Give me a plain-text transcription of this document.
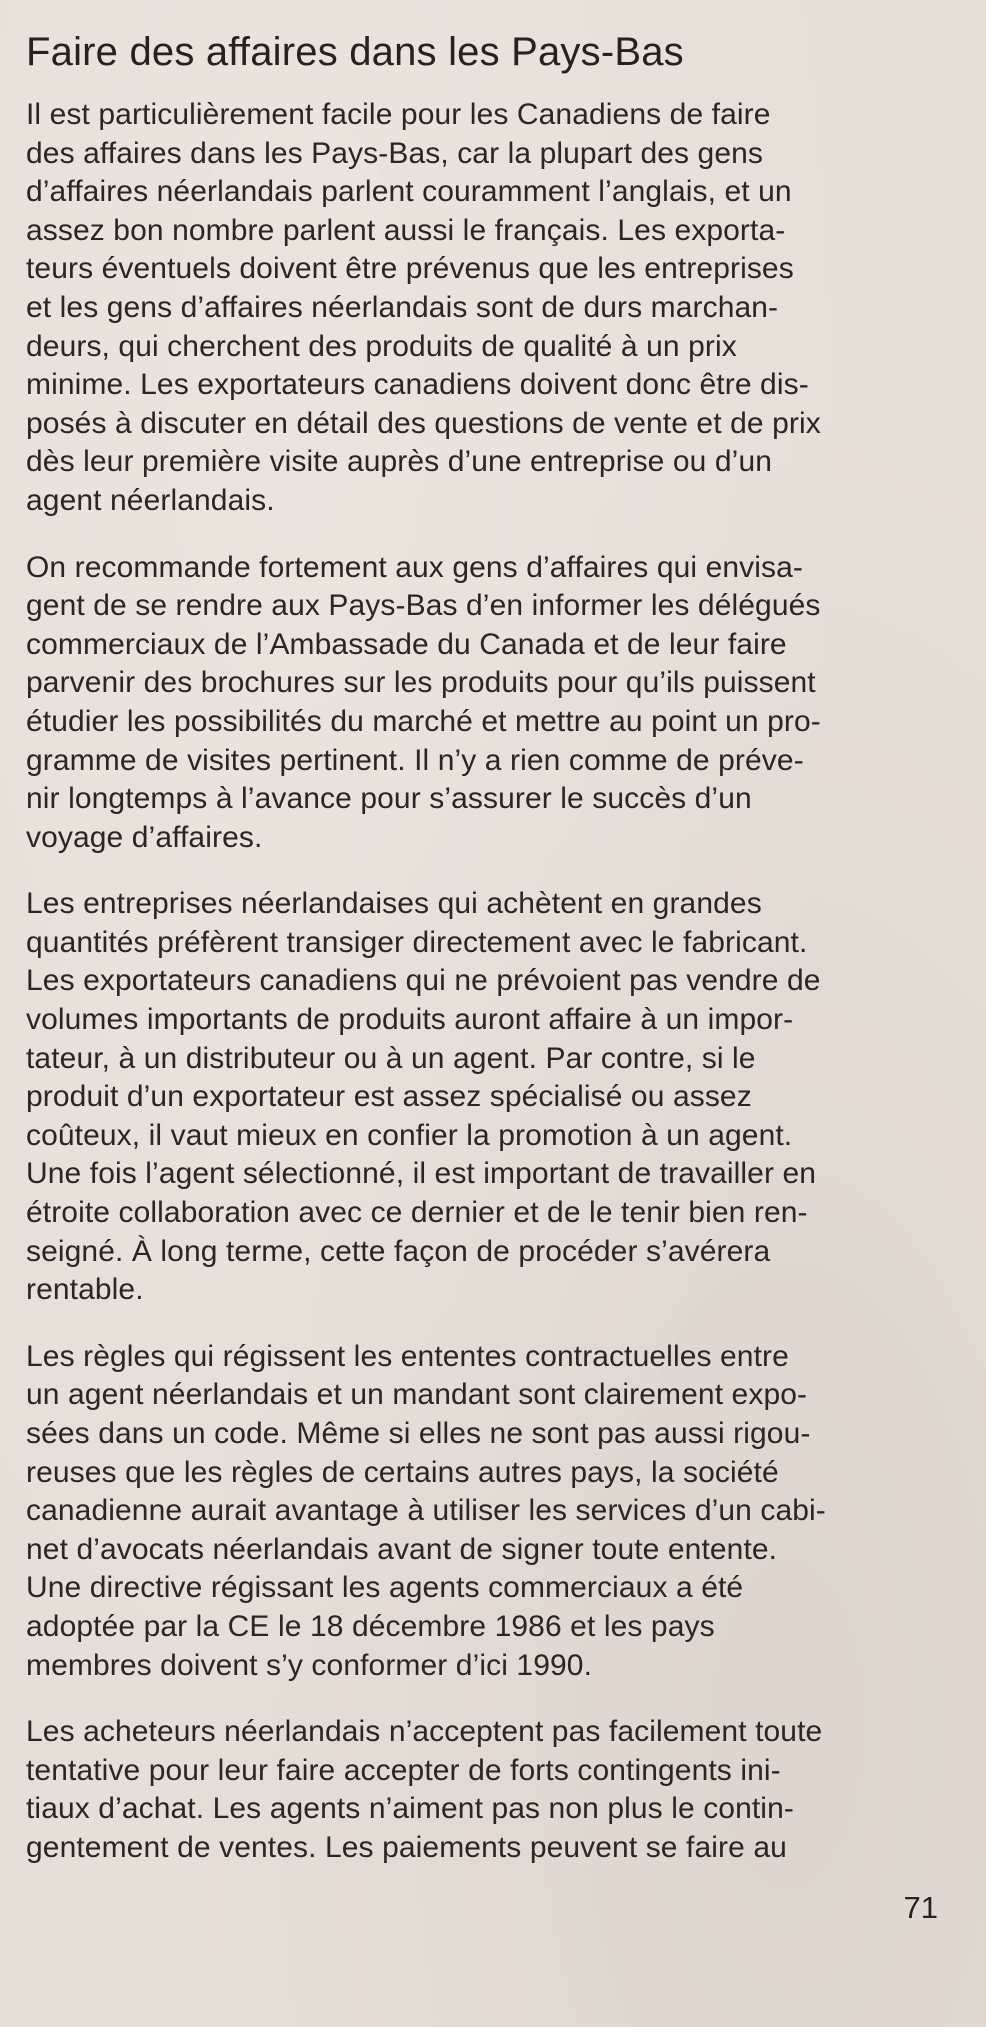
Faire des affaires dans les Pays-Bas

Il est particulièrement facile pour les Canadiens de faire
des affaires dans les Pays-Bas, car la plupart des gens
d’affaires néerlandais parlent couramment l’anglais, et un
assez bon nombre parlent aussi le français. Les exporta-
teurs éventuels doivent être prévenus que les entreprises
et les gens d’affaires néerlandais sont de durs marchan-
deurs, qui cherchent des produits de qualité à un prix
minime. Les exportateurs canadiens doivent donc être dis-
posés à discuter en détail des questions de vente et de prix
dès leur première visite auprès d’une entreprise ou d’un
agent néerlandais.

On recommande fortement aux gens d’affaires qui envisa-
gent de se rendre aux Pays-Bas d’en informer les délégués
commerciaux de l’Ambassade du Canada et de leur faire
parvenir des brochures sur les produits pour qu’ils puissent
étudier les possibilités du marché et mettre au point un pro-
gramme de visites pertinent. Il n’y a rien comme de préve-
nir longtemps à l’avance pour s’assurer le succès d’un
voyage d’affaires.

Les entreprises néerlandaises qui achètent en grandes
quantités préfèrent transiger directement avec le fabricant.
Les exportateurs canadiens qui ne prévoient pas vendre de
volumes importants de produits auront affaire à un impor-
tateur, à un distributeur ou à un agent. Par contre, si le
produit d’un exportateur est assez spécialisé ou assez
coûteux, il vaut mieux en confier la promotion à un agent.
Une fois l’agent sélectionné, il est important de travailler en
étroite collaboration avec ce dernier et de le tenir bien ren-
seigné. À long terme, cette façon de procéder s’avérera
rentable.

Les règles qui régissent les ententes contractuelles entre
un agent néerlandais et un mandant sont clairement expo-
sées dans un code. Même si elles ne sont pas aussi rigou-
reuses que les règles de certains autres pays, la société
canadienne aurait avantage à utiliser les services d’un cabi-
net d’avocats néerlandais avant de signer toute entente.
Une directive régissant les agents commerciaux a été
adoptée par la CE le 18 décembre 1986 et les pays
membres doivent s’y conformer d’ici 1990.

Les acheteurs néerlandais n’acceptent pas facilement toute
tentative pour leur faire accepter de forts contingents ini-
tiaux d’achat. Les agents n’aiment pas non plus le contin-
gentement de ventes. Les paiements peuvent se faire au

71
